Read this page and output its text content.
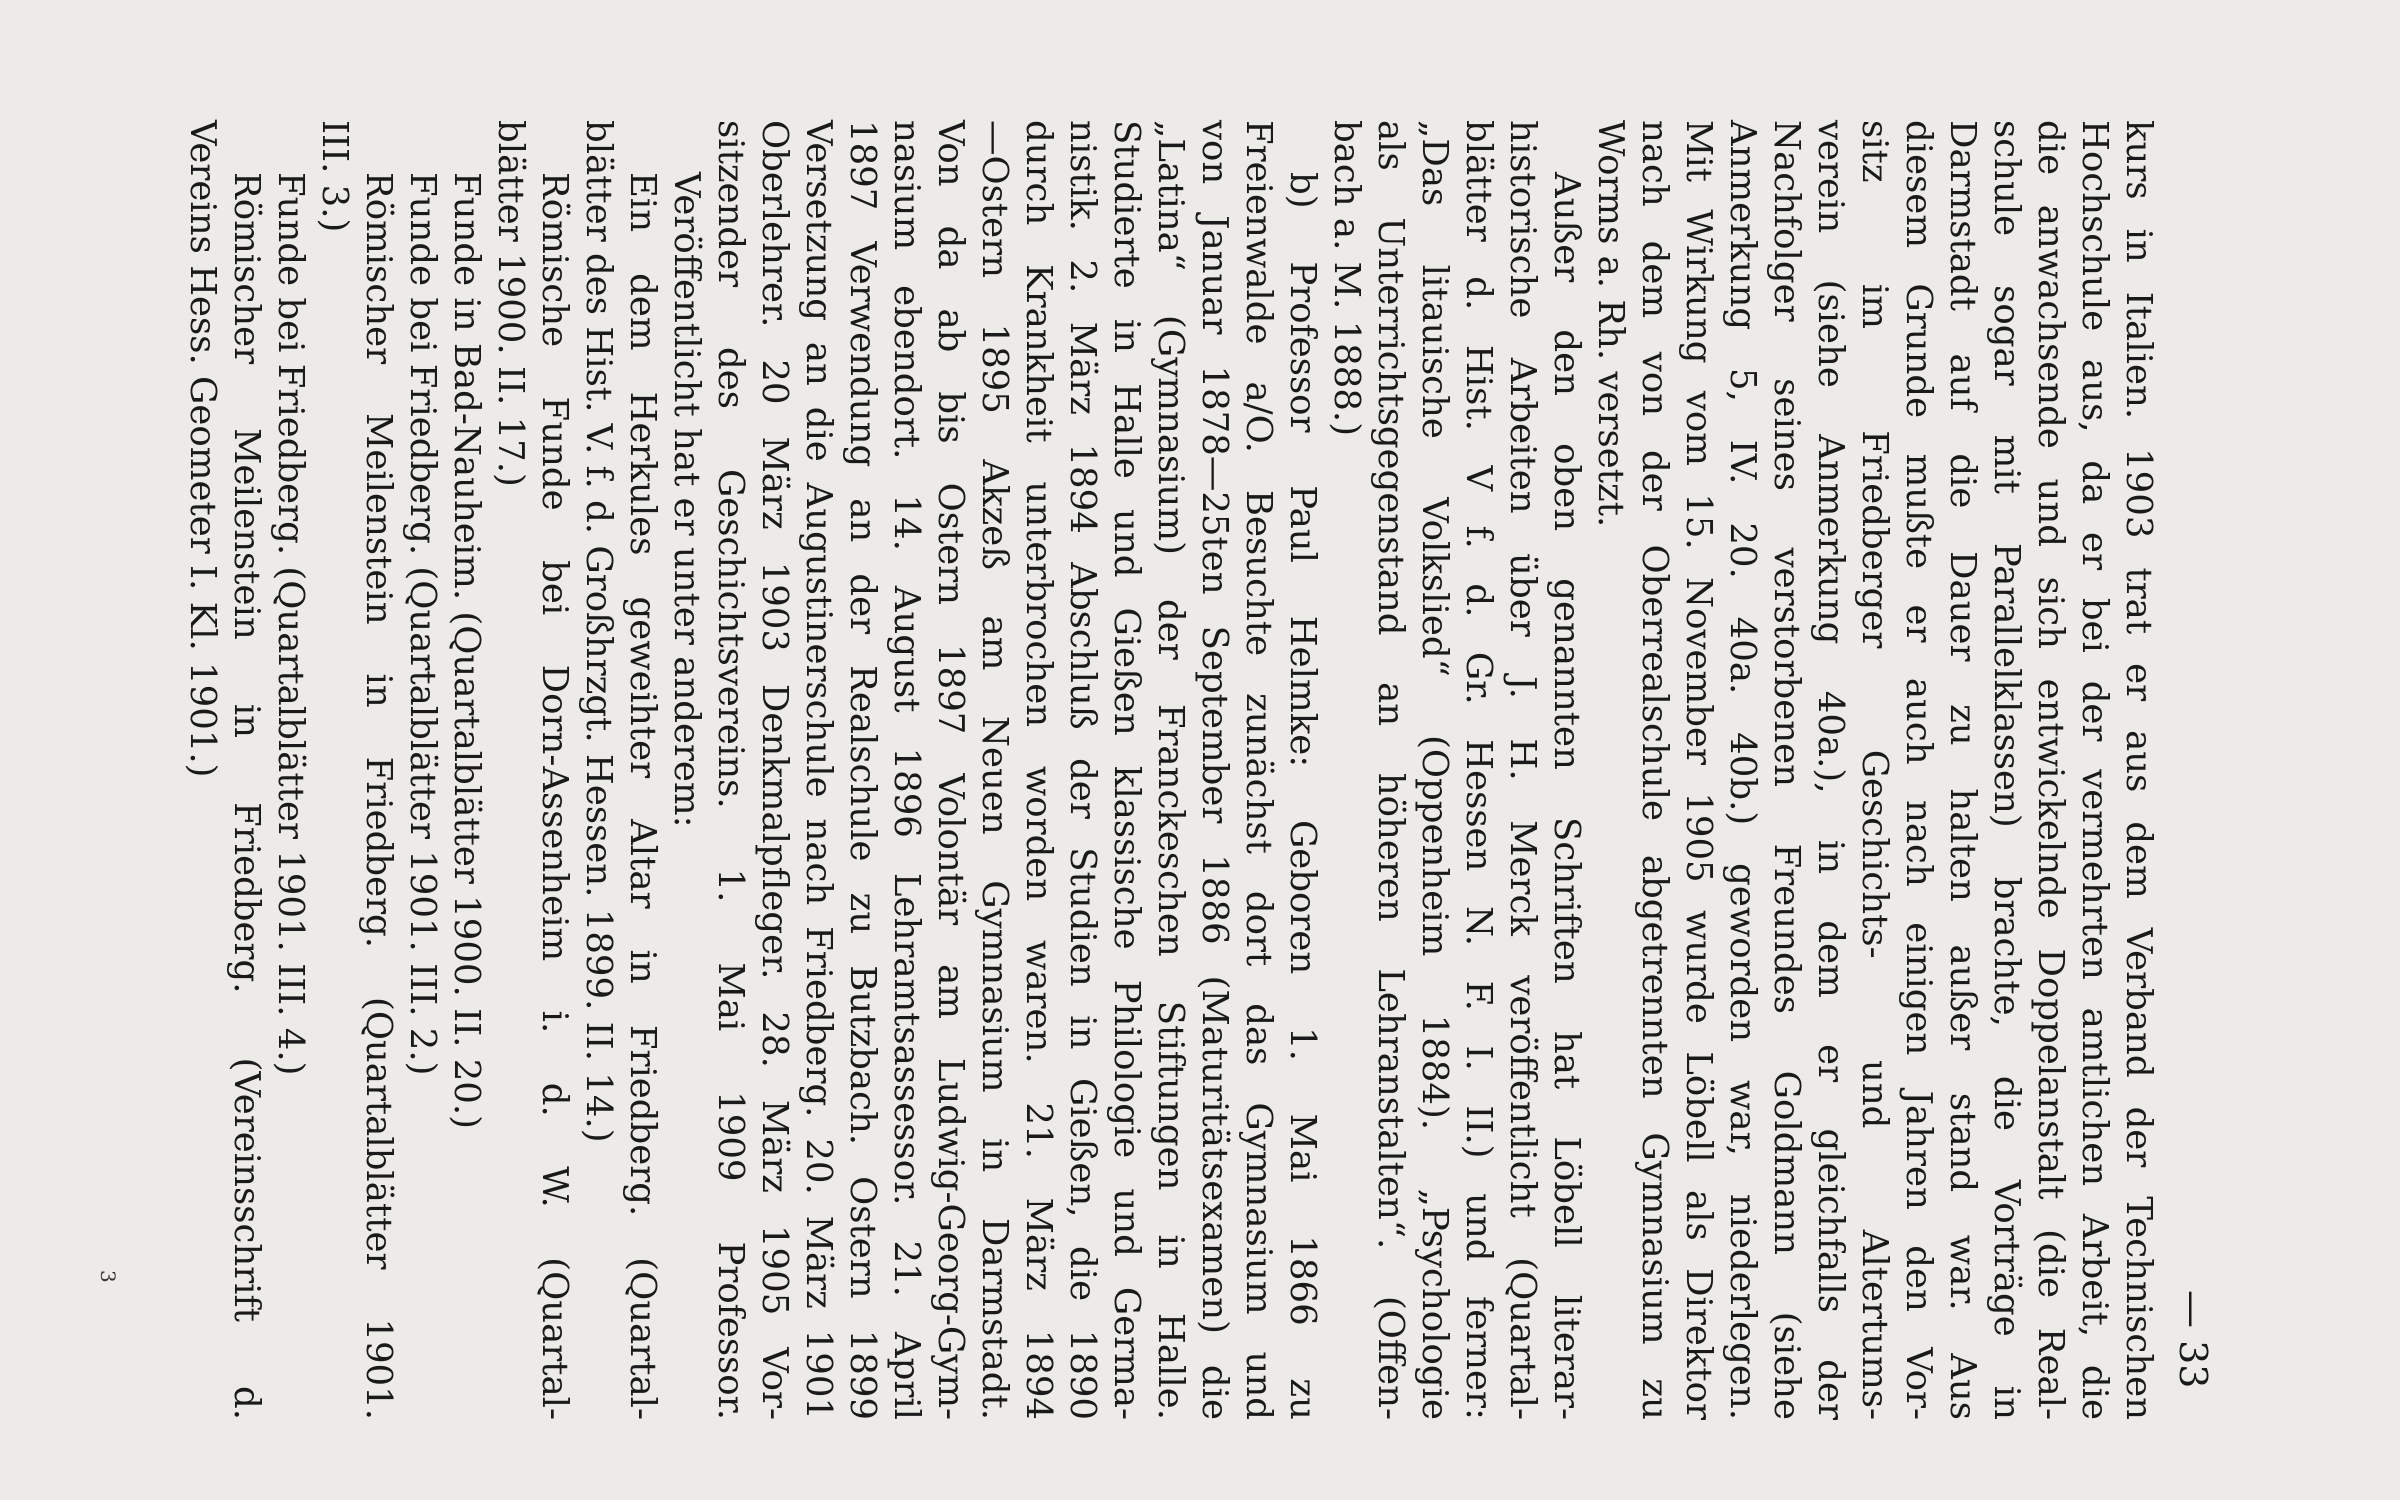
— 33
kurs in Italien. 1903 trat er aus dem Verband der Technischen
Hochschule aus, da er bei der vermehrten amtlichen Arbeit, die
die anwachsende und sich entwickelnde Doppelanstalt (die Real-
schule sogar mit Parallelklassen) brachte, die Vorträge in
Darmstadt auf die Dauer zu halten außer stand war. Aus
diesem Grunde mußte er auch nach einigen Jahren den Vor-
sitz im Friedberger Geschichts- und Altertums-
verein (siehe Anmerkung 40a.), in dem er gleichfalls der
Nachfolger seines verstorbenen Freundes Goldmann (siehe
Anmerkung 5, IV. 20. 40a. 40b.) geworden war, niederlegen.
Mit Wirkung vom 15. November 1905 wurde Löbell als Direktor
nach dem von der Oberrealschule abgetrennten Gymnasium zu
Worms a. Rh. versetzt.
Außer den oben genannten Schriften hat Löbell literar-
historische Arbeiten über J. H. Merck veröffentlicht (Quartal-
blätter d. Hist. V f. d. Gr. Hessen N. F. I. II.) und ferner:
„Das litauische Volkslied“ (Oppenheim 1884). „Psychologie
als Unterrichtsgegenstand an höheren Lehranstalten“. (Offen-
bach a. M. 1888.)
b) Professor Paul Helmke: Geboren 1. Mai 1866 zu
Freienwalde a/O. Besuchte zunächst dort das Gymnasium und
von Januar 1878—25ten September 1886 (Maturitätsexamen) die
„Latina“ (Gymnasium) der Franckeschen Stiftungen in Halle.
Studierte in Halle und Gießen klassische Philologie und Germa-
nistik. 2. März 1894 Abschluß der Studien in Gießen, die 1890
durch Krankheit unterbrochen worden waren. 21. März 1894
—Ostern 1895 Akzeß am Neuen Gymnasium in Darmstadt.
Von da ab bis Ostern 1897 Volontär am Ludwig-Georg-Gym-
nasium ebendort. 14. August 1896 Lehramtsassessor. 21. April
1897 Verwendung an der Realschule zu Butzbach. Ostern 1899
Versetzung an die Augustinerschule nach Friedberg. 20. März 1901
Oberlehrer. 20 März 1903 Denkmalpfleger. 28. März 1905 Vor-
sitzender des Geschichtsvereins. 1. Mai 1909 Professor.
Veröffentlicht hat er unter anderem:
Ein dem Herkules geweihter Altar in Friedberg. (Quartal-
blätter des Hist. V. f. d. Großhrzgt. Hessen. 1899. II. 14.)
Römische Funde bei Dorn-Assenheim i. d. W. (Quartal-
blätter 1900. II. 17.)
Funde in Bad-Nauheim. (Quartalblätter 1900. II. 20.)
Funde bei Friedberg. (Quartalblätter 1901. III. 2.)
Römischer Meilenstein in Friedberg. (Quartalblätter 1901.
III. 3.)
Funde bei Friedberg. (Quartalblätter 1901. III. 4.)
Römischer Meilenstein in Friedberg. (Vereinsschrift d.
Vereins Hess. Geometer I. Kl. 1901.)
3
